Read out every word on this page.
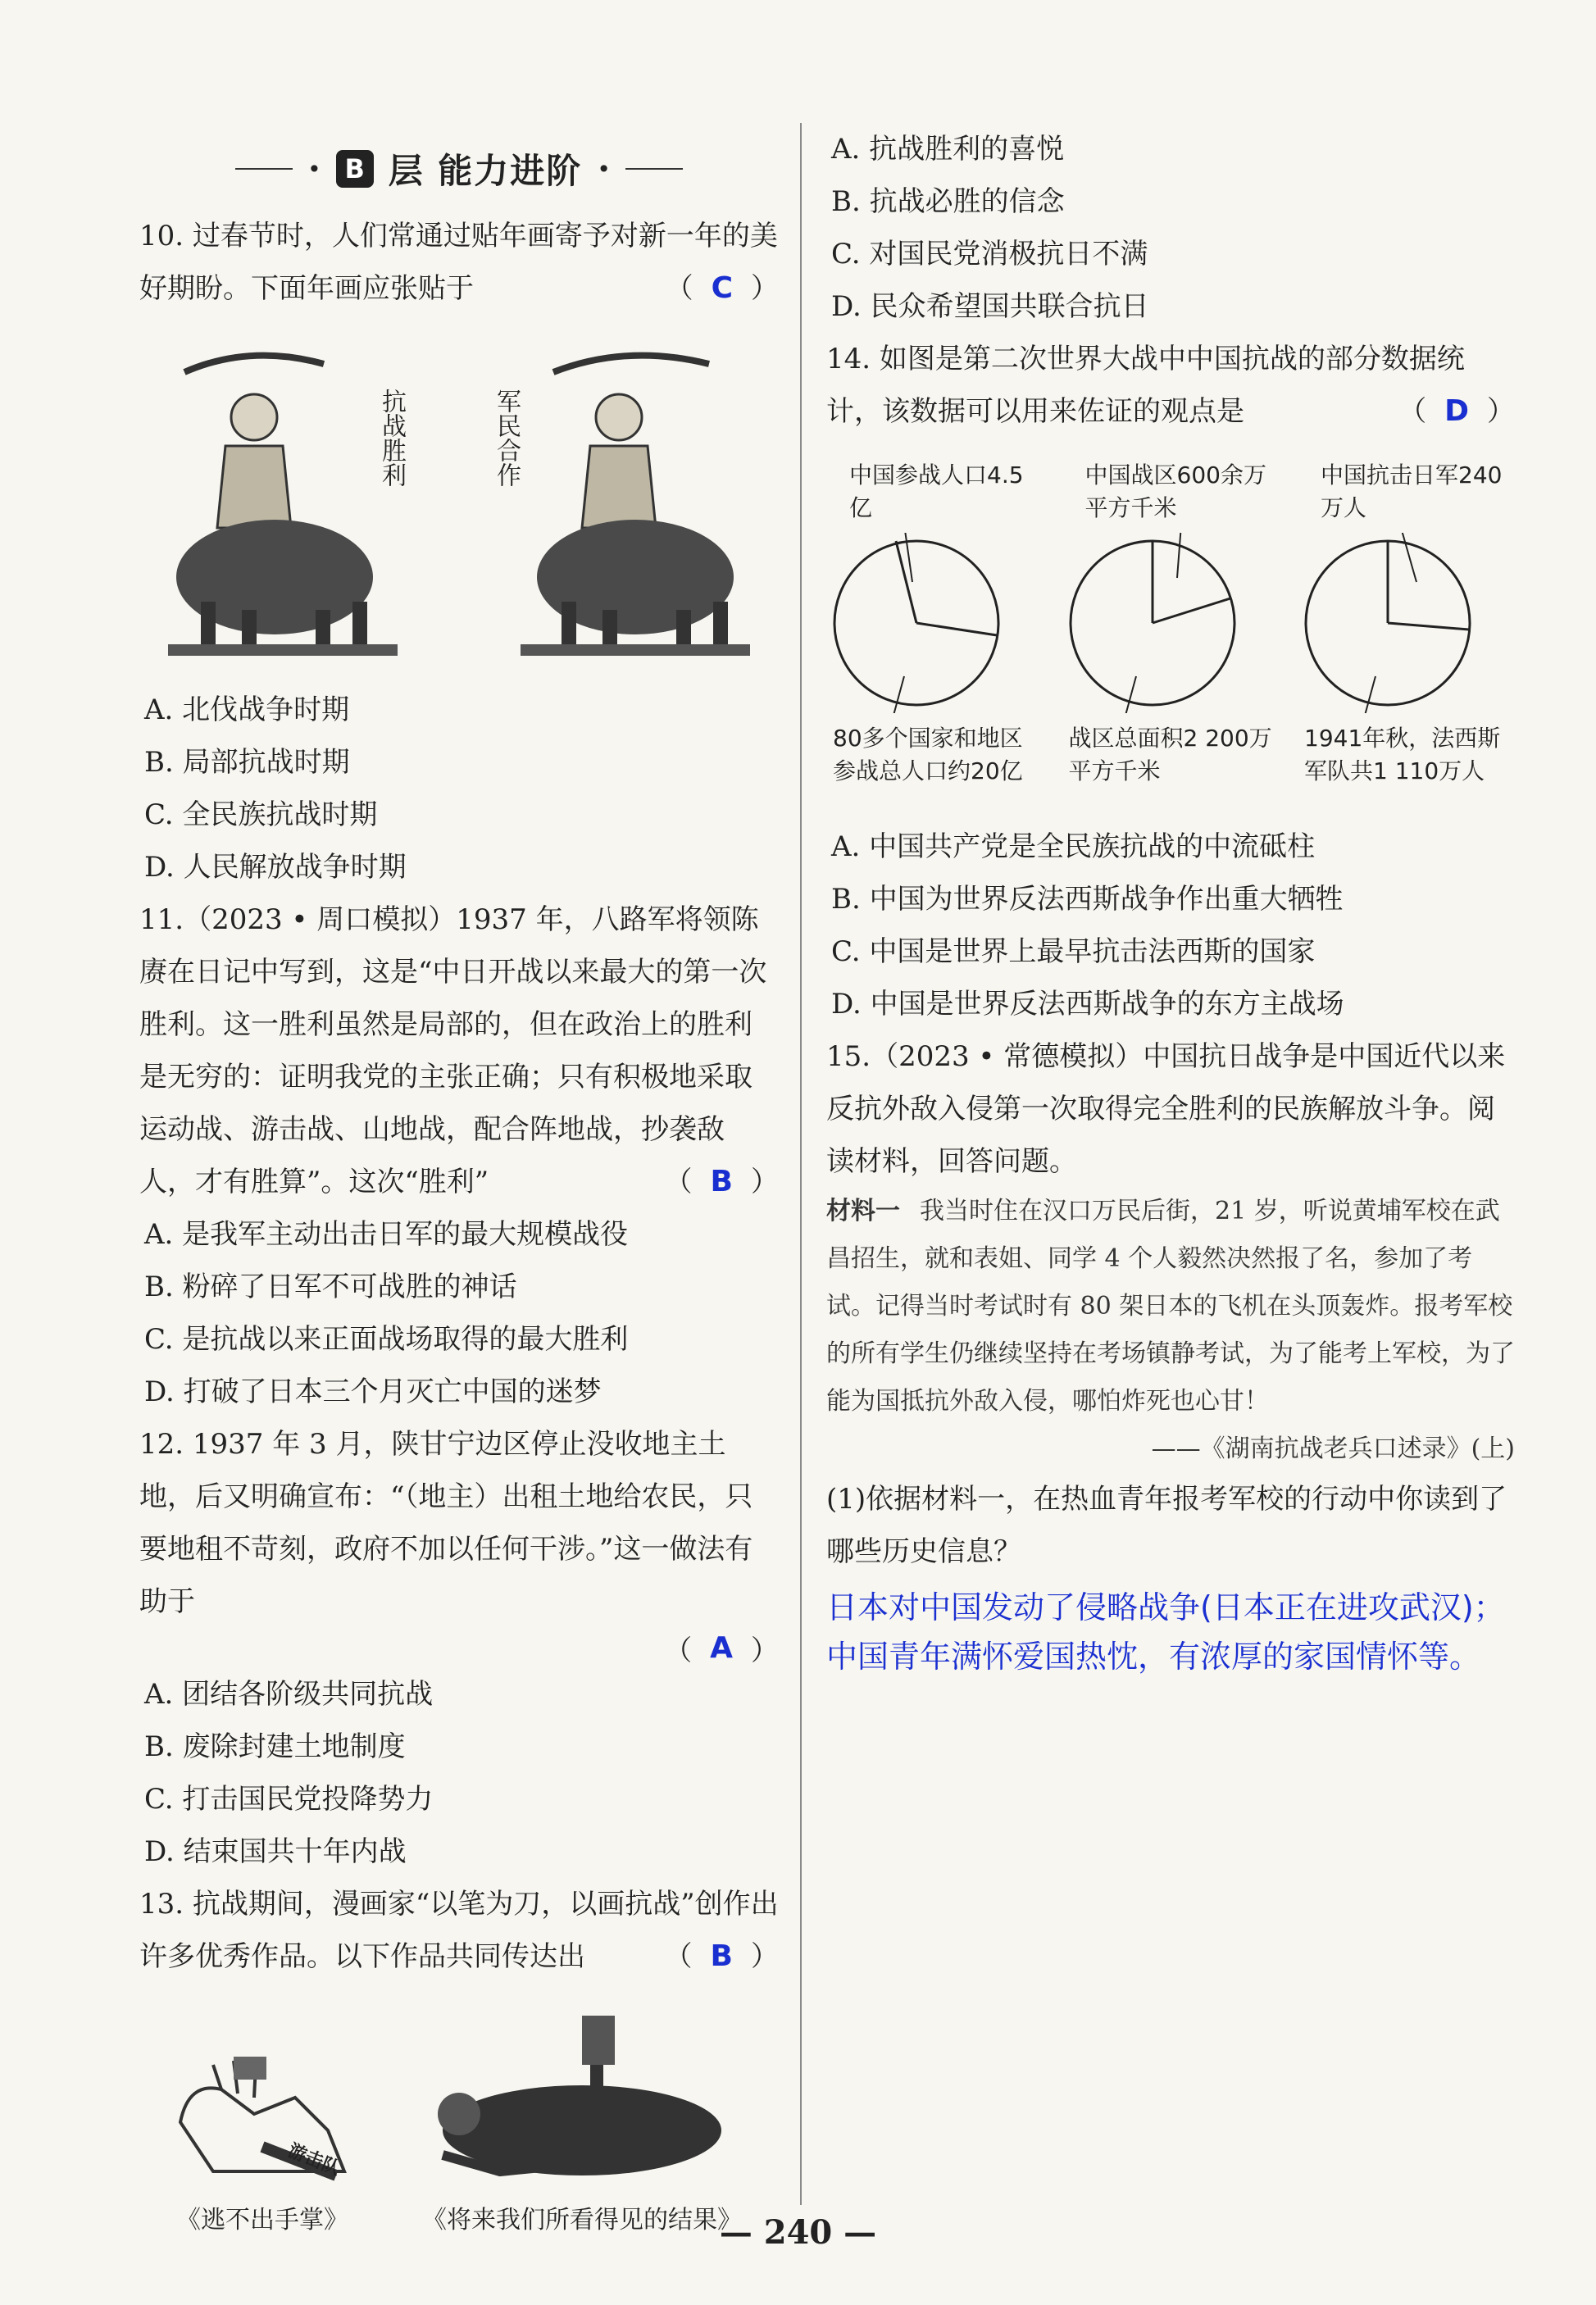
• B 层 能力进阶 •
10. 过春节时，人们常通过贴年画寄予对新一年的美好期盼。下面年画应张贴于	（ C ）
抗战胜利	军民合作
A. 北伐战争时期
B. 局部抗战时期
C. 全民族抗战时期
D. 人民解放战争时期
11.（2023 • 周口模拟）1937 年，八路军将领陈赓在日记中写到，这是“中日开战以来最大的第一次胜利。这一胜利虽然是局部的，但在政治上的胜利是无穷的：证明我党的主张正确；只有积极地采取运动战、游击战、山地战，配合阵地战，抄袭敌人，才有胜算”。这次“胜利”	（ B ）
A. 是我军主动出击日军的最大规模战役
B. 粉碎了日军不可战胜的神话
C. 是抗战以来正面战场取得的最大胜利
D. 打破了日本三个月灭亡中国的迷梦
12. 1937 年 3 月，陕甘宁边区停止没收地主土地，后又明确宣布：“（地主）出租土地给农民，只要地租不苛刻，政府不加以任何干涉。”这一做法有助于
（ A ）
A. 团结各阶级共同抗战
B. 废除封建土地制度
C. 打击国民党投降势力
D. 结束国共十年内战
13. 抗战期间，漫画家“以笔为刀，以画抗战”创作出许多优秀作品。以下作品共同传达出	（ B ）
游击队
《逃不出手掌》	《将来我们所看得见的结果》
A. 抗战胜利的喜悦
B. 抗战必胜的信念
C. 对国民党消极抗日不满
D. 民众希望国共联合抗日
14. 如图是第二次世界大战中中国抗战的部分数据统计，该数据可以用来佐证的观点是	（ D ）
中国参战人口4.5亿
80多个国家和地区参战总人口约20亿
中国战区600余万平方千米
战区总面积2 200万平方千米
中国抗击日军240万人
1941年秋，法西斯军队共1 110万人
A. 中国共产党是全民族抗战的中流砥柱
B. 中国为世界反法西斯战争作出重大牺牲
C. 中国是世界上最早抗击法西斯的国家
D. 中国是世界反法西斯战争的东方主战场
15.（2023 • 常德模拟）中国抗日战争是中国近代以来反抗外敌入侵第一次取得完全胜利的民族解放斗争。阅读材料，回答问题。
材料一 我当时住在汉口万民后街，21 岁，听说黄埔军校在武昌招生，就和表姐、同学 4 个人毅然决然报了名，参加了考试。记得当时考试时有 80 架日本的飞机在头顶轰炸。报考军校的所有学生仍继续坚持在考场镇静考试，为了能考上军校，为了能为国抵抗外敌入侵，哪怕炸死也心甘！
——《湖南抗战老兵口述录》(上)
(1)依据材料一，在热血青年报考军校的行动中你读到了哪些历史信息？
日本对中国发动了侵略战争(日本正在进攻武汉)；中国青年满怀爱国热忱，有浓厚的家国情怀等。
— 240 —
